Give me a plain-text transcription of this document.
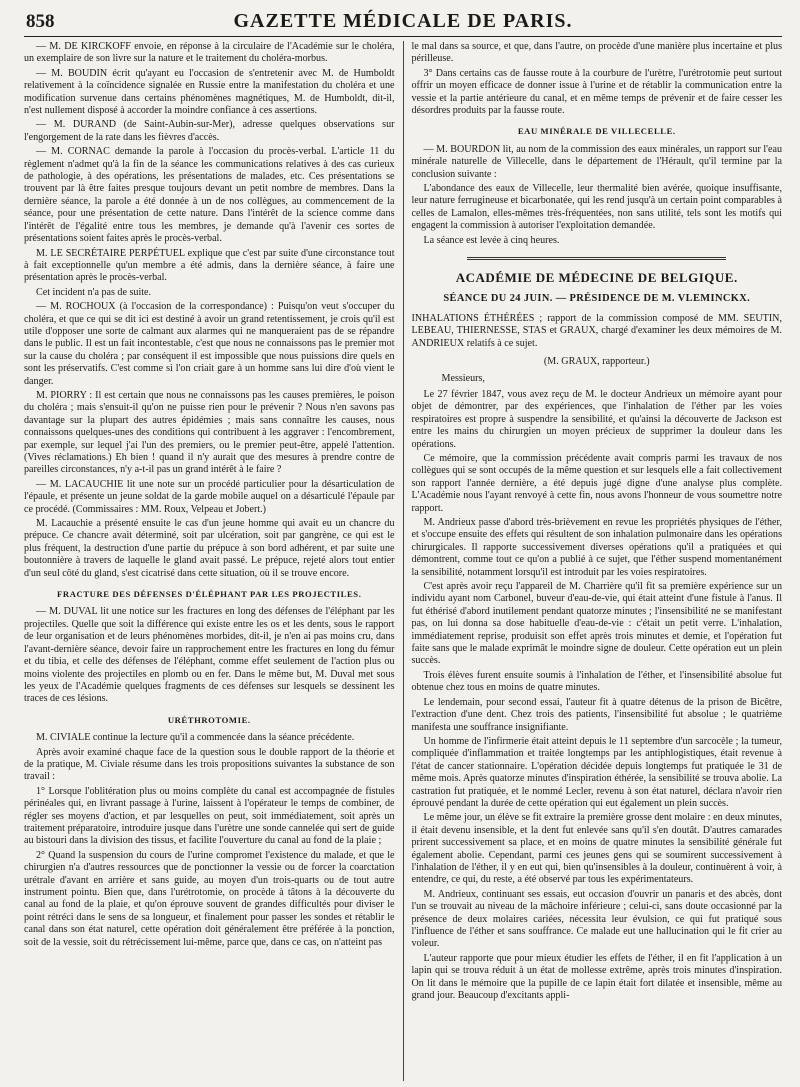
858	GAZETTE MÉDICALE DE PARIS.

— M. DE KIRCKOFF envoie, en réponse à la circulaire de l'Académie sur le choléra, un exemplaire de son livre sur la nature et le traitement du choléra-morbus.

— M. BOUDIN écrit qu'ayant eu l'occasion de s'entretenir avec M. de Humboldt relativement à la coïncidence signalée en Russie entre la manifestation du choléra et une modification survenue dans certains phénomènes magnétiques, M. de Humboldt, dit-il, n'est nullement disposé à accorder la moindre confiance à ces assertions.

— M. DURAND (de Saint-Aubin-sur-Mer), adresse quelques observations sur l'engorgement de la rate dans les fièvres d'accès.

— M. CORNAC demande la parole à l'occasion du procès-verbal. L'article 11 du règlement n'admet qu'à la fin de la séance les communications relatives à des cas curieux de pathologie, à des opérations, les présentations de malades, etc. Ces présentations se trouvent par là être faites presque toujours devant un petit nombre de membres. Dans la dernière séance, la parole a été donnée à un de nos collègues, au commencement de la séance, pour une présentation de cette nature. Dans l'intérêt de la science comme dans l'intérêt de l'égalité entre tous les membres, je demande qu'à l'avenir ces sortes de présentations soient faites après le procès-verbal.

M. LE SECRÉTAIRE PERPÉTUEL explique que c'est par suite d'une circonstance tout à fait exceptionnelle qu'un membre a été admis, dans la dernière séance, à faire une présentation après le procès-verbal.

Cet incident n'a pas de suite.

— M. ROCHOUX (à l'occasion de la correspondance) : Puisqu'on veut s'occuper du choléra, et que ce qui se dit ici est destiné à avoir un grand retentissement, je crois qu'il est utile d'opposer une sorte de calmant aux alarmes qui ne manqueraient pas de se répandre dans le public. Il est un fait incontestable, c'est que nous ne connaissons pas le premier mot sur la cause du choléra ; par conséquent il est impossible que nous puissions dire quels en sont les préservatifs. C'est comme si l'on criait gare à un homme sans lui dire d'où vient le danger.

M. PIORRY : Il est certain que nous ne connaissons pas les causes premières, le poison du choléra ; mais s'ensuit-il qu'on ne puisse rien pour le prévenir ? Nous n'en savons pas davantage sur la plupart des autres épidémies ; mais sans connaître les causes, nous connaissons quelques-unes des conditions qui contribuent à les aggraver : l'encombrement, par exemple, sur lequel j'ai l'un des premiers, ou le premier peut-être, appelé l'attention. (Vives réclamations.) Eh bien ! quand il n'y aurait que des mesures à prendre contre de pareilles circonstances, n'y a-t-il pas un grand intérêt à le faire ?

— M. LACAUCHIE lit une note sur un procédé particulier pour la désarticulation de l'épaule, et présente un jeune soldat de la garde mobile auquel on a désarticulé l'épaule par ce procédé. (Commissaires : MM. Roux, Velpeau et Jobert.)

M. Lacauchie a présenté ensuite le cas d'un jeune homme qui avait eu un chancre du prépuce. Ce chancre avait déterminé, soit par ulcération, soit par gangrène, ce qui est le plus fréquent, la destruction d'une partie du prépuce à son bord adhérent, et par suite une boutonnière à travers de laquelle le gland avait passé. Le prépuce, rejeté alors tout entier d'un seul côté du gland, s'est cicatrisé dans cette situation, où il se trouve encore.

FRACTURE DES DÉFENSES D'ÉLÉPHANT PAR LES PROJECTILES.

— M. DUVAL lit une notice sur les fractures en long des défenses de l'éléphant par les projectiles. Quelle que soit la différence qui existe entre les os et les dents, sous le rapport de leur organisation et de leurs phénomènes morbides, dit-il, je n'en ai pas moins cru, dans l'avant-dernière séance, devoir faire un rapprochement entre les fractures en long du fémur et du tibia, et celle des défenses de l'éléphant, comme effet seulement de l'action plus ou moins violente des projectiles en plomb ou en fer. Dans le même but, M. Duval met sous les yeux de l'Académie quelques fragments de ces défenses sur lesquels se dessinent les traces de ces lésions.

URÉTHROTOMIE.

M. CIVIALE continue la lecture qu'il a commencée dans la séance précédente.

Après avoir examiné chaque face de la question sous le double rapport de la théorie et de la pratique, M. Civiale résume dans les trois propositions suivantes la substance de son travail :

1° Lorsque l'oblitération plus ou moins complète du canal est accompagnée de fistules périnéales qui, en livrant passage à l'urine, laissent à l'opérateur le temps de combiner, de régler ses moyens d'action, et par lesquelles on peut, soit immédiatement, soit après un traitement préparatoire, introduire jusque dans l'urètre une sonde cannelée qui sert de guide au bistouri dans la division des tissus, et facilite l'ouverture du canal au fond de la plaie ;

2° Quand la suspension du cours de l'urine compromet l'existence du malade, et que le chirurgien n'a d'autres ressources que de ponctionner la vessie ou de forcer la coarctation urétrale d'avant en arrière et sans guide, au moyen d'un trois-quarts ou de tout autre instrument pointu. Bien que, dans l'urétrotomie, on procède à tâtons à la découverte du canal au fond de la plaie, et qu'on éprouve souvent de grandes difficultés pour diviser le point rétréci dans le sens de sa longueur, et finalement pour passer les sondes et rétablir le canal dans son état naturel, cette opération doit généralement être préférée à la ponction, soit de la vessie, soit du rétrécissement lui-même, parce que, dans ce cas, on n'atteint pas

le mal dans sa source, et que, dans l'autre, on procède d'une manière plus incertaine et plus périlleuse.

3° Dans certains cas de fausse route à la courbure de l'urètre, l'urétrotomie peut surtout offrir un moyen efficace de donner issue à l'urine et de rétablir la communication entre la vessie et la partie antérieure du canal, et en même temps de prévenir et de faire cesser les désordres produits par la fausse route.

EAU MINÉRALE DE VILLECELLE.

— M. BOURDON lit, au nom de la commission des eaux minérales, un rapport sur l'eau minérale naturelle de Villecelle, dans le département de l'Hérault, qu'il termine par la conclusion suivante :

L'abondance des eaux de Villecelle, leur thermalité bien avérée, quoique insuffisante, leur nature ferrugineuse et bicarbonatée, qui les rend jusqu'à un certain point comparables à celles de Lamalon, elles-mêmes très-fréquentées, non sans utilité, tels sont les motifs qui engagent la commission à autoriser l'exploitation demandée.

La séance est levée à cinq heures.

ACADÉMIE DE MÉDECINE DE BELGIQUE.
SÉANCE DU 24 JUIN. — PRÉSIDENCE DE M. VLEMINCKX.

INHALATIONS ÉTHÉRÉES ; rapport de la commission composé de MM. SEUTIN, LEBEAU, THIERNESSE, STAS et GRAUX, chargé d'examiner les deux mémoires de M. ANDRIEUX relatifs à ce sujet.

(M. GRAUX, rapporteur.)

Messieurs,

Le 27 février 1847, vous avez reçu de M. le docteur Andrieux un mémoire ayant pour objet de démontrer, par des expériences, que l'inhalation de l'éther par les voies respiratoires est propre à suspendre la sensibilité, et qu'ainsi la découverte de Jackson est entre les mains du chirurgien un moyen précieux de supprimer la douleur dans les opérations.

Ce mémoire, que la commission précédente avait compris parmi les travaux de nos collègues qui se sont occupés de la même question et sur lesquels elle a fait collectivement son rapport l'année dernière, a été depuis jugé digne d'une analyse plus complète. L'Académie nous l'ayant renvoyé à cette fin, nous avons l'honneur de vous soumettre notre rapport.

M. Andrieux passe d'abord très-brièvement en revue les propriétés physiques de l'éther, et s'occupe ensuite des effets qui résultent de son inhalation pulmonaire dans les opérations chirurgicales. Il rapporte successivement diverses opérations qu'il a pratiquées et qui démontrent, comme tout ce qu'on a publié à ce sujet, que l'éther suspend momentanément la sensibilité, notamment lorsqu'il est introduit par les voies respiratoires.

C'est après avoir reçu l'appareil de M. Charrière qu'il fit sa première expérience sur un individu ayant nom Carbonel, buveur d'eau-de-vie, qui était atteint d'une fistule à l'anus. Il fut éthérisé d'abord inutilement pendant quatorze minutes ; l'insensibilité ne se manifestant pas, on lui donna sa dose habituelle d'eau-de-vie : c'était un petit verre. L'inhalation, immédiatement reprise, produisit son effet après trois minutes et demie, et l'opération fut faite sans que le malade exprimât le moindre signe de douleur. Cette opération eut un plein succès.

Trois élèves furent ensuite soumis à l'inhalation de l'éther, et l'insensibilité absolue fut obtenue chez tous en moins de quatre minutes.

Le lendemain, pour second essai, l'auteur fit à quatre détenus de la prison de Bicêtre, l'extraction d'une dent. Chez trois des patients, l'insensibilité fut absolue ; le quatrième manifesta une souffrance insignifiante.

Un homme de l'infirmerie était atteint depuis le 11 septembre d'un sarcocèle ; la tumeur, compliquée d'inflammation et traitée longtemps par les antiphlogistiques, était revenue à l'état de cancer stationnaire. L'opération décidée depuis longtemps fut pratiquée le 31 de même mois. Après quatorze minutes d'inspiration éthérée, la sensibilité se trouva abolie. La castration fut pratiquée, et le nommé Lecler, revenu à son état naturel, déclara n'avoir rien éprouvé pendant la durée de cette opération qui eut également un plein succès.

Le même jour, un élève se fit extraire la première grosse dent molaire : en deux minutes, il était devenu insensible, et la dent fut enlevée sans qu'il s'en doutât. D'autres camarades prirent successivement sa place, et en moins de quatre minutes la sensibilité générale fut également abolie. Cependant, parmi ces jeunes gens qui se soumirent successivement à l'inhalation de l'éther, il y en eut qui, bien qu'insensibles à la douleur, continuèrent à voir, à entendre, ce qui, du reste, a été observé par tous les expérimentateurs.

M. Andrieux, continuant ses essais, eut occasion d'ouvrir un panaris et des abcès, dont l'un se trouvait au niveau de la mâchoire inférieure ; celui-ci, sans doute occasionné par la présence de deux molaires cariées, nécessita leur évulsion, ce qui fut pratiqué sous l'influence de l'éther et sans souffrance. Ce malade eut une hallucination qui le fit crier au voleur.

L'auteur rapporte que pour mieux étudier les effets de l'éther, il en fit l'application à un lapin qui se trouva réduit à un état de mollesse extrême, après trois minutes d'inspiration. On lit dans le mémoire que la pupille de ce lapin était fort dilatée et insensible, même au grand jour. Beaucoup d'excitants appli-
